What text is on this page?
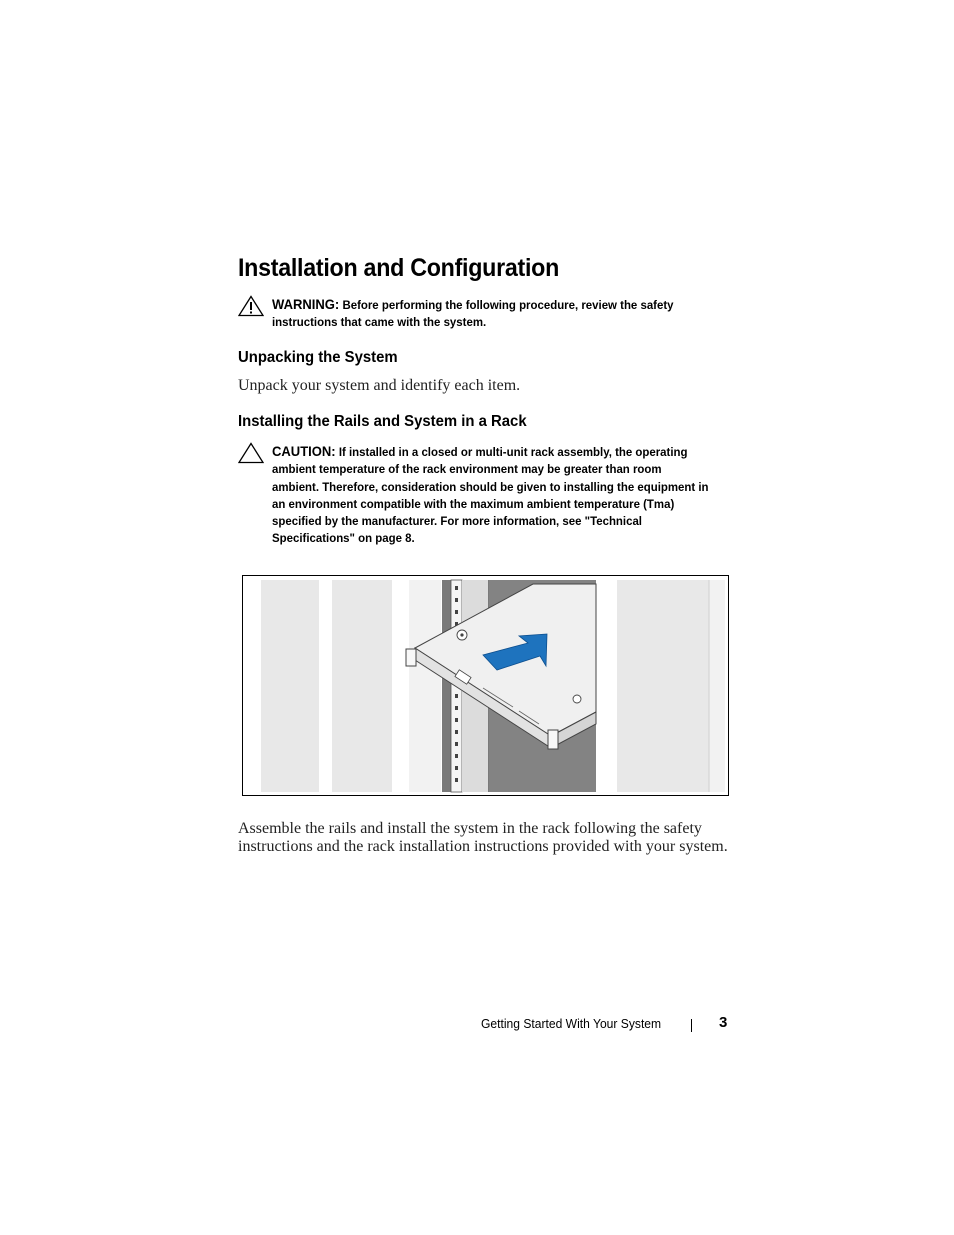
Installation and Configuration
WARNING: Before performing the following procedure, review the safety instructions that came with the system.
Unpacking the System
Unpack your system and identify each item.
Installing the Rails and System in a Rack
CAUTION: If installed in a closed or multi-unit rack assembly, the operating ambient temperature of the rack environment may be greater than room ambient. Therefore, consideration should be given to installing the equipment in an environment compatible with the maximum ambient temperature (Tma) specified by the manufacturer. For more information, see "Technical Specifications" on page 8.
Assemble the rails and install the system in the rack following the safety instructions and the rack installation instructions provided with your system.
Getting Started With Your System	3
